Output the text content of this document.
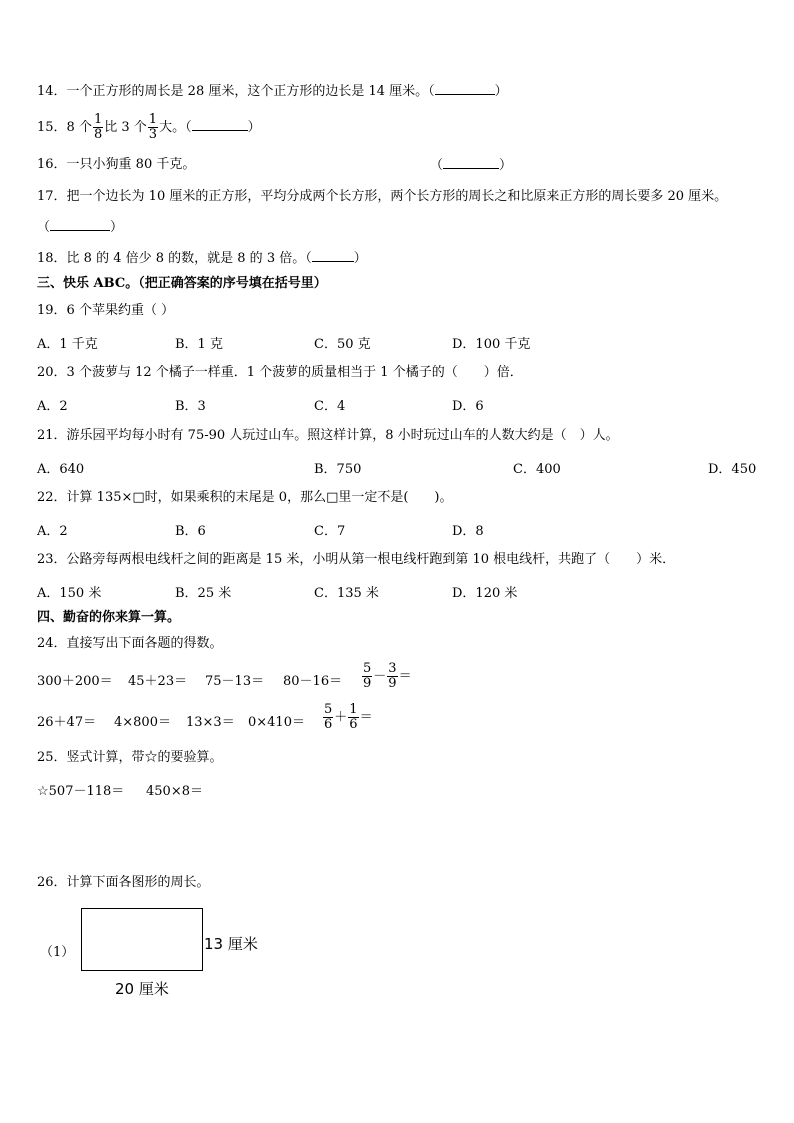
14．一个正方形的周长是 28 厘米，这个正方形的边长是 14 厘米。（	）
15．8 个 $\frac{1}{8}$ 比 3 个 $\frac{1}{3}$ 大。（	）
16．一只小狗重 80 千克。	（	）
17．把一个边长为 10 厘米的正方形，平均分成两个长方形，两个长方形的周长之和比原来正方形的周长要多 20 厘米。
（	）
18．比 8 的 4 倍少 8 的数，就是 8 的 3 倍。（	）
三、快乐 ABC。（把正确答案的序号填在括号里）
19．6 个苹果约重（ ）
A．1 千克	B．1 克	C．50 克	D．100 千克
20．3 个菠萝与 12 个橘子一样重．1 个菠萝的质量相当于 1 个橘子的（　　）倍．
A．2	B．3	C．4	D．6
21．游乐园平均每小时有 75-90 人玩过山车。照这样计算，8 小时玩过山车的人数大约是（　）人。
A．640	B．750	C．400	D．450
22．计算 135×□时，如果乘积的末尾是 0，那么□里一定不是(　　)。
A．2	B．6	C．7	D．8
23．公路旁每两根电线杆之间的距离是 15 米，小明从第一根电线杆跑到第 10 根电线杆，共跑了（　　）米．
A．150 米	B．25 米	C．135 米	D．120 米
四、勤奋的你来算一算。
24．直接写出下面各题的得数。
$300+200= 45+23= 75-13= 80-16= \frac{5}{9} - \frac{3}{9}$ ＝
$26+47= 4\times 800= 13\times 3= 0\times 410= \frac{5}{6} + \frac{1}{6}$ ＝
25．竖式计算，带☆的要验算。
☆507－118＝ 450×8＝
26．计算下面各图形的周长。
（1）	13 厘米
20 厘米
